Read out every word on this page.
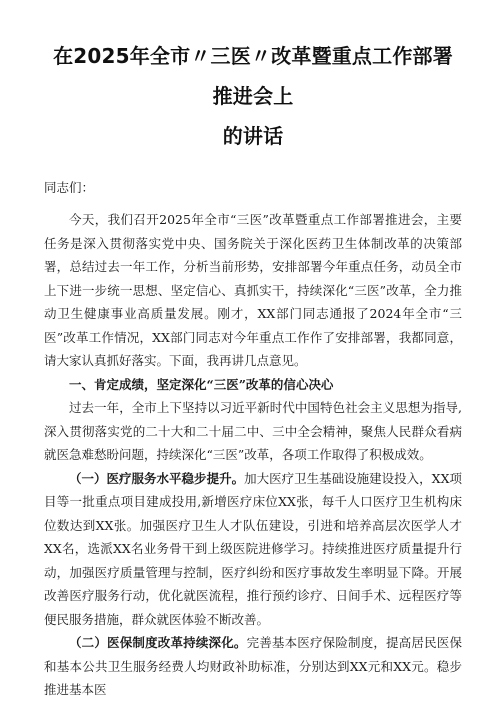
在2025年全市〃三医〃改革暨重点工作部署推进会上
的讲话

同志们：

今天，我们召开2025年全市“三医”改革暨重点工作部署推进会，主要任务是深入贯彻落实党中央、国务院关于深化医药卫生体制改革的决策部署，总结过去一年工作，分析当前形势，安排部署今年重点任务，动员全市上下进一步统一思想、坚定信心、真抓实干，持续深化“三医”改革，全力推动卫生健康事业高质量发展。刚才，XX部门同志通报了2024年全市“三医”改革工作情况，XX部门同志对今年重点工作作了安排部署，我都同意，请大家认真抓好落实。下面，我再讲几点意见。

一、肯定成绩，坚定深化“三医”改革的信心决心

过去一年，全市上下坚持以习近平新时代中国特色社会主义思想为指导,深入贯彻落实党的二十大和二十届二中、三中全会精神，聚焦人民群众看病就医急难愁盼问题，持续深化“三医”改革，各项工作取得了积极成效。

（一）医疗服务水平稳步提升。加大医疗卫生基础设施建设投入，XX项目等一批重点项目建成投用,新增医疗床位XX张，每千人口医疗卫生机构床位数达到XX张。加强医疗卫生人才队伍建设，引进和培养高层次医学人才XX名，选派XX名业务骨干到上级医院进修学习。持续推进医疗质量提升行动，加强医疗质量管理与控制，医疗纠纷和医疗事故发生率明显下降。开展改善医疗服务行动，优化就医流程，推行预约诊疗、日间手术、远程医疗等便民服务措施，群众就医体验不断改善。

（二）医保制度改革持续深化。完善基本医疗保险制度，提高居民医保和基本公共卫生服务经费人均财政补助标准，分别达到XX元和XX元。稳步推进基本医
